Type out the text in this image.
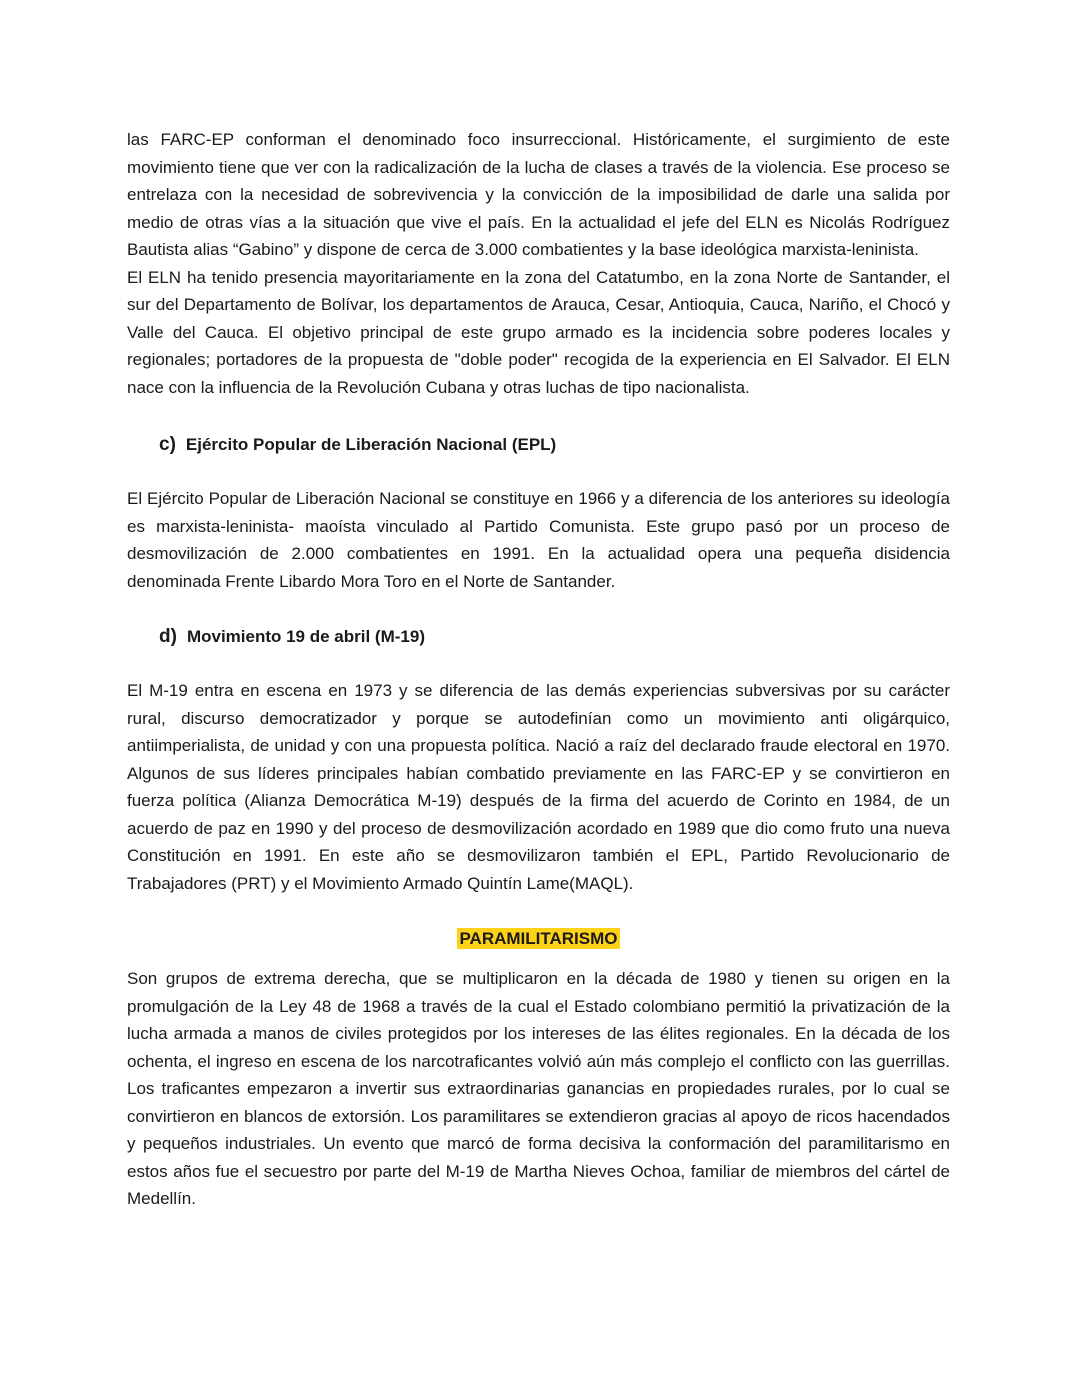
las FARC-EP conforman el denominado foco insurreccional. Históricamente, el surgimiento de este movimiento tiene que ver con la radicalización de la lucha de clases a través de la violencia. Ese proceso se entrelaza con la necesidad de sobrevivencia y la convicción de la imposibilidad de darle una salida por medio de otras vías a la situación que vive el país. En la actualidad el jefe del ELN es Nicolás Rodríguez Bautista alias “Gabino” y dispone de cerca de 3.000 combatientes y la base ideológica marxista-leninista.

El ELN ha tenido presencia mayoritariamente en la zona del Catatumbo, en la zona Norte de Santander, el sur del Departamento de Bolívar, los departamentos de Arauca, Cesar, Antioquia, Cauca, Nariño, el Chocó y Valle del Cauca. El objetivo principal de este grupo armado es la incidencia sobre poderes locales y regionales; portadores de la propuesta de "doble poder" recogida de la experiencia en El Salvador. El ELN nace con la influencia de la Revolución Cubana y otras luchas de tipo nacionalista.

c) Ejército Popular de Liberación Nacional (EPL)

El Ejército Popular de Liberación Nacional se constituye en 1966 y a diferencia de los anteriores su ideología es marxista-leninista- maoísta vinculado al Partido Comunista. Este grupo pasó por un proceso de desmovilización de 2.000 combatientes en 1991. En la actualidad opera una pequeña disidencia denominada Frente Libardo Mora Toro en el Norte de Santander.

d) Movimiento 19 de abril (M-19)

El M-19 entra en escena en 1973 y se diferencia de las demás experiencias subversivas por su carácter rural, discurso democratizador y porque se autodefinían como un movimiento anti oligárquico, antiimperialista, de unidad y con una propuesta política. Nació a raíz del declarado fraude electoral en 1970. Algunos de sus líderes principales habían combatido previamente en las FARC-EP y se convirtieron en fuerza política (Alianza Democrática M-19) después de la firma del acuerdo de Corinto en 1984, de un acuerdo de paz en 1990 y del proceso de desmovilización acordado en 1989 que dio como fruto una nueva Constitución en 1991. En este año se desmovilizaron también el EPL, Partido Revolucionario de Trabajadores (PRT) y el Movimiento Armado Quintín Lame(MAQL).

PARAMILITARISMO

Son grupos de extrema derecha, que se multiplicaron en la década de 1980 y tienen su origen en la promulgación de la Ley 48 de 1968 a través de la cual el Estado colombiano permitió la privatización de la lucha armada a manos de civiles protegidos por los intereses de las élites regionales. En la década de los ochenta, el ingreso en escena de los narcotraficantes volvió aún más complejo el conflicto con las guerrillas. Los traficantes empezaron a invertir sus extraordinarias ganancias en propiedades rurales, por lo cual se convirtieron en blancos de extorsión. Los paramilitares se extendieron gracias al apoyo de ricos hacendados y pequeños industriales. Un evento que marcó de forma decisiva la conformación del paramilitarismo en estos años fue el secuestro por parte del M-19 de Martha Nieves Ochoa, familiar de miembros del cártel de Medellín.
